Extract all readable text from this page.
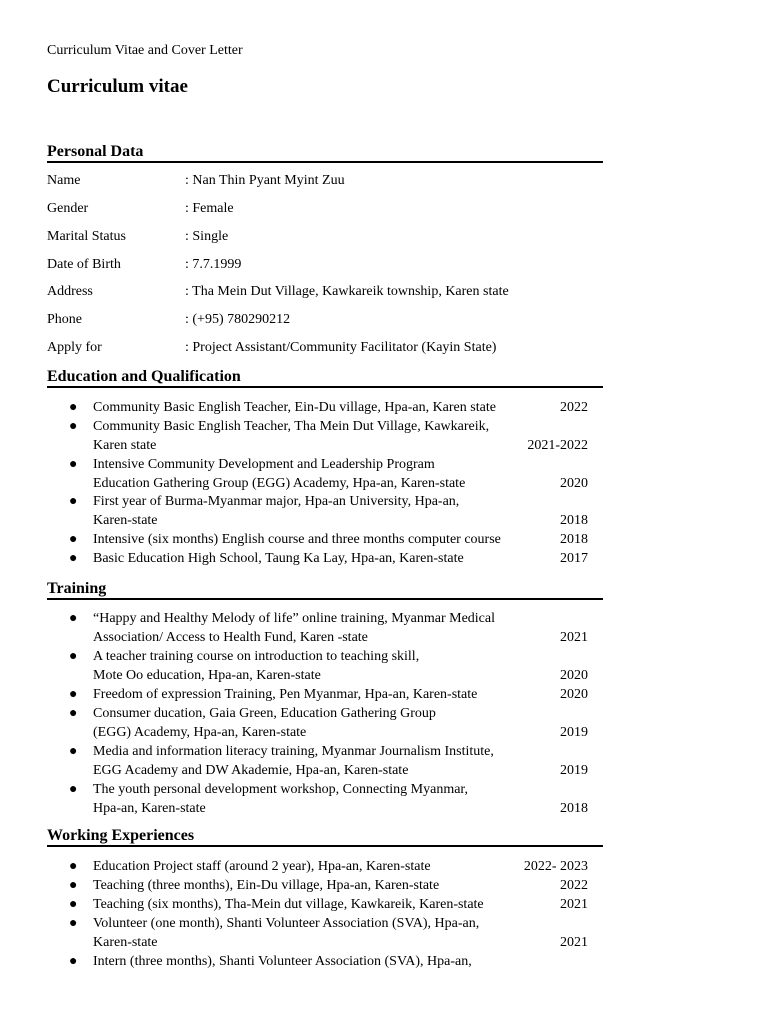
Curriculum Vitae and Cover Letter
Curriculum vitae
Personal Data
Name	: Nan Thin Pyant Myint Zuu
Gender	: Female
Marital Status	: Single
Date of Birth	: 7.7.1999
Address	: Tha Mein Dut Village, Kawkareik township, Karen state
Phone	: (+95) 780290212
Apply for	: Project Assistant/Community Facilitator (Kayin State)
Education and Qualification
● Community Basic English Teacher, Ein-Du village, Hpa-an, Karen state	2022
● Community Basic English Teacher, Tha Mein Dut Village, Kawkareik,
Karen state	2021-2022
● Intensive Community Development and Leadership Program
Education Gathering Group (EGG) Academy, Hpa-an, Karen-state	2020
● First year of Burma-Myanmar major, Hpa-an University, Hpa-an,
Karen-state	2018
● Intensive (six months) English course and three months computer course	2018
● Basic Education High School, Taung Ka Lay, Hpa-an, Karen-state	2017
Training
● “Happy and Healthy Melody of life” online training, Myanmar Medical
Association/ Access to Health Fund, Karen -state	2021
● A teacher training course on introduction to teaching skill,
Mote Oo education, Hpa-an, Karen-state	2020
● Freedom of expression Training, Pen Myanmar, Hpa-an, Karen-state	2020
● Consumer ducation, Gaia Green, Education Gathering Group
(EGG) Academy, Hpa-an, Karen-state	2019
● Media and information literacy training, Myanmar Journalism Institute,
EGG Academy and DW Akademie, Hpa-an, Karen-state	2019
● The youth personal development workshop, Connecting Myanmar,
Hpa-an, Karen-state	2018
Working Experiences
● Education Project staff (around 2 year), Hpa-an, Karen-state	2022- 2023
● Teaching (three months), Ein-Du village, Hpa-an, Karen-state	2022
● Teaching (six months), Tha-Mein dut village, Kawkareik, Karen-state	2021
● Volunteer (one month), Shanti Volunteer Association (SVA), Hpa-an,
Karen-state	2021
● Intern (three months), Shanti Volunteer Association (SVA), Hpa-an,
